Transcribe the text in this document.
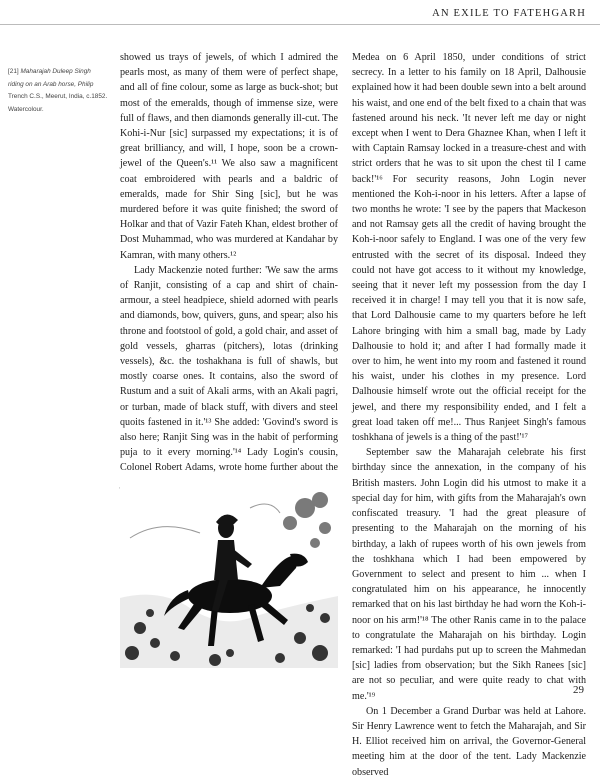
AN EXILE TO FATEHGARH
[21] Maharajah Duleep Singh riding on an Arab horse, Philip Trench C.S., Meerut, India, c.1852. Watercolour.

showed us trays of jewels, of which I admired the pearls most, as many of them were of perfect shape, and all of fine colour, some as large as buck-shot; but most of the emeralds, though of immense size, were full of flaws, and then diamonds generally ill-cut. The Kohi-i-Nur [sic] surpassed my expectations; it is of great brilliancy, and will, I hope, soon be a crown-jewel of the Queen's.¹¹ We also saw a magnificent coat embroidered with pearls and a baldric of emeralds, made for Shir Sing [sic], but he was murdered before it was quite finished; the sword of Holkar and that of Vazir Fateh Khan, eldest brother of Dost Muhammad, who was murdered at Kandahar by Kamran, with many others.¹²

Lady Mackenzie noted further: 'We saw the arms of Ranjit, consisting of a cap and shirt of chain-armour, a steel headpiece, shield adorned with pearls and diamonds, bow, quivers, guns, and spear; also his throne and footstool of gold, a gold chair, and asset of gold vessels, gharras (pitchers), lotas (drinking vessels), &c. the toshakhana is full of shawls, but mostly coarse ones. It contains, also the sword of Rustum and a suit of Akali arms, with an Akali pagri, or turban, made of black stuff, with divers and steel quoits fastened in it.'¹³ She added: 'Govind's sword is also here; Ranjit Sing was in the habit of performing puja to it every morning.'¹⁴ Lady Login's cousin, Colonel Robert Adams, wrote home further about the

Medea on 6 April 1850, under conditions of strict secrecy. In a letter to his family on 18 April, Dalhousie explained how it had been double sewn into a belt around his waist, and one end of the belt fixed to a chain that was fastened around his neck. 'It never left me day or night except when I went to Dera Ghaznee Khan, when I left it with Captain Ramsay locked in a treasure-chest and with strict orders that he was to sit upon the chest til I came back!'¹⁶ For security reasons, John Login never mentioned the Koh-i-noor in his letters. After a lapse of two months he wrote: 'I see by the papers that Mackeson and not Ramsay gets all the credit of having brought the Koh-i-noor safely to England. I was one of the very few entrusted with the secret of its disposal. Indeed they could not have got access to it without my knowledge, seeing that it never left my possession from the day I received it in charge! I may tell you that it is now safe, that Lord Dalhousie came to my quarters before he left Lahore bringing with him a small bag, made by Lady Dalhousie to hold it; and after I had formally made it over to him, he went into my room and fastened it round his waist, under his clothes in my presence. Lord Dalhousie himself wrote out the official receipt for the jewel, and there my responsibility ended, and I felt a great load taken off me!... Thus Ranjeet Singh's famous toshkhana of jewels is a thing of the past!'¹⁷

September saw the Maharajah celebrate his first birthday since the annexation, in the company of his British masters. John Login did his utmost to make it a special day for him, with gifts from the Maharajah's own confiscated treasury. 'I had the great pleasure of presenting to the Maharajah on the morning of his birthday, a lakh of rupees worth of his own jewels from the toshkhana which I had been empowered by Government to select and present to him ... when I congratulated him on his appearance, he innocently remarked that on his last birthday he had worn the Koh-i-noor on his arm!'¹⁸ The other Ranis came in to the palace to congratulate the Maharajah on his birthday. Login remarked: 'I had purdahs put up to screen the Mahmedan [sic] ladies from observation; but the Sikh Ranees [sic] are not so peculiar, and were quite ready to chat with me.'¹⁹

On 1 December a Grand Durbar was held at Lahore. Sir Henry Lawrence went to fetch the Maharajah, and Sir H. Elliot received him on arrival, the Governor-General meeting him at the door of the tent. Lady Mackenzie observed

29
